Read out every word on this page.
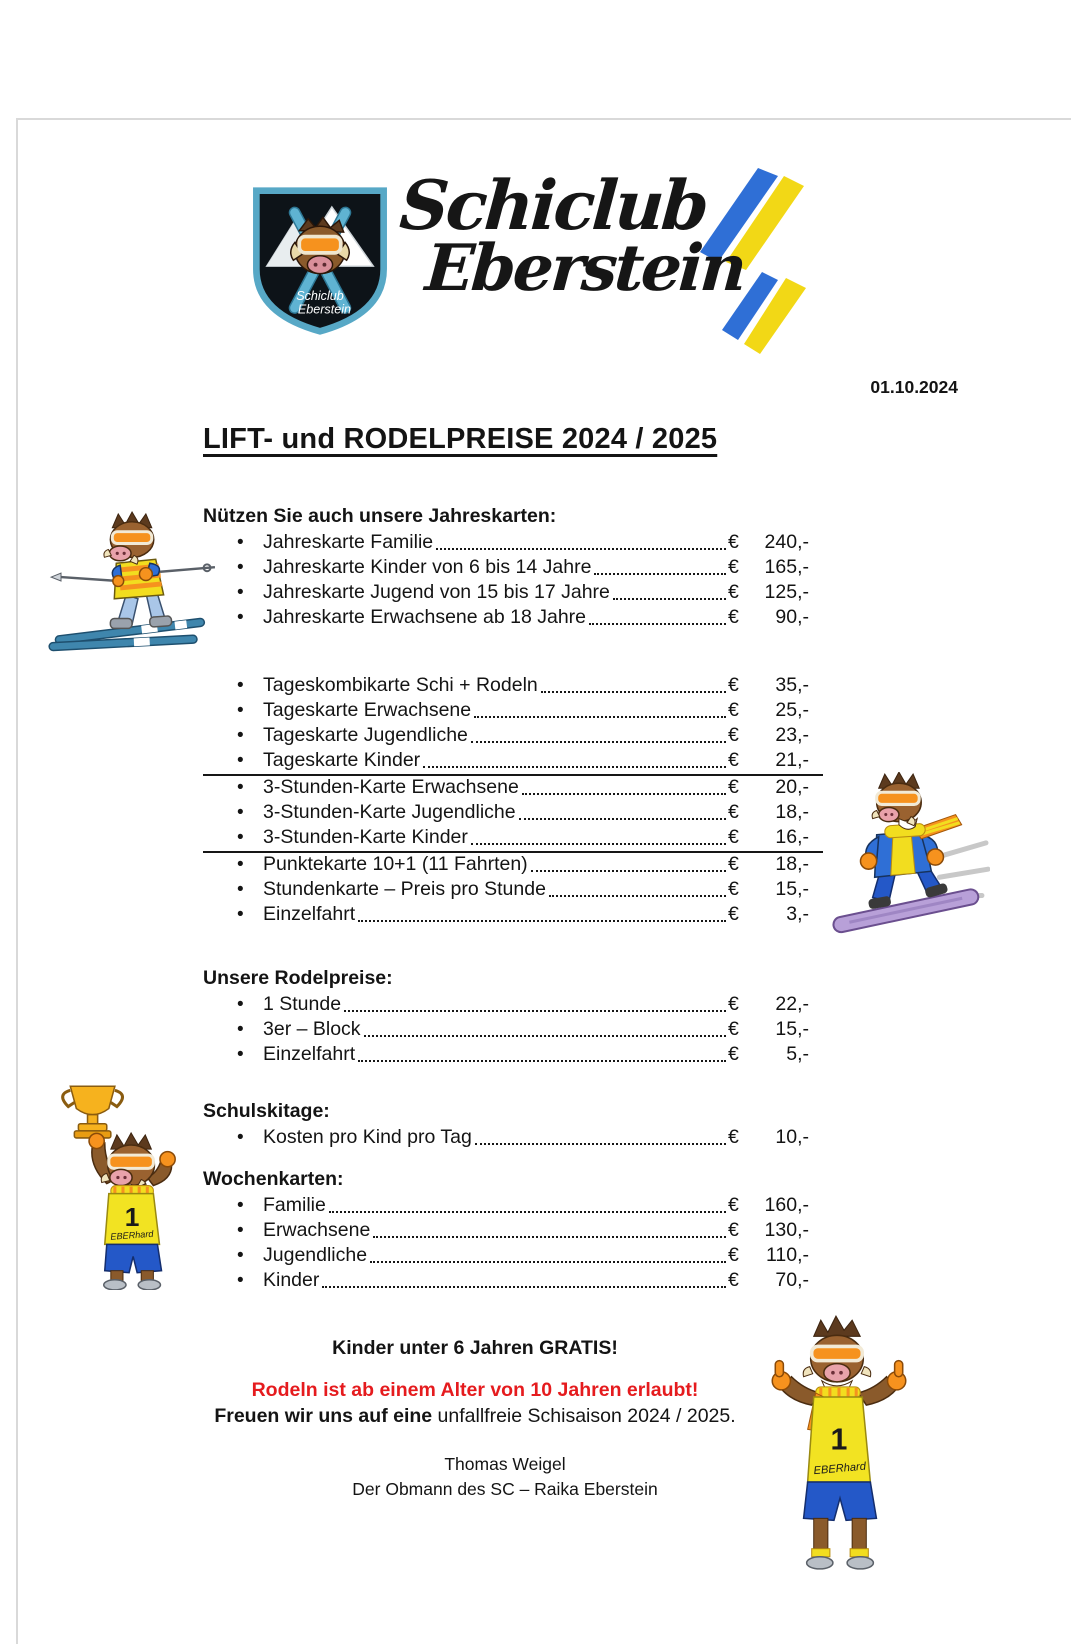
Schiclub
Eberstein
Schiclub
Eberstein
01.10.2024
LIFT- und RODELPREISE 2024 / 2025
Nützen Sie auch unsere Jahreskarten:
• Jahreskarte Familie	€	240,-
• Jahreskarte Kinder von 6 bis 14 Jahre	€	165,-
• Jahreskarte Jugend von 15 bis 17 Jahre	€	125,-
• Jahreskarte Erwachsene ab 18 Jahre	€	90,-
• Tageskombikarte Schi + Rodeln	€	35,-
• Tageskarte Erwachsene	€	25,-
• Tageskarte Jugendliche	€	23,-
• Tageskarte Kinder	€	21,-
• 3-Stunden-Karte Erwachsene	€	20,-
• 3-Stunden-Karte Jugendliche	€	18,-
• 3-Stunden-Karte Kinder	€	16,-
• Punktekarte 10+1 (11 Fahrten)	€	18,-
• Stundenkarte – Preis pro Stunde	€	15,-
• Einzelfahrt	€	3,-
Unsere Rodelpreise:
• 1 Stunde	€	22,-
• 3er – Block	€	15,-
• Einzelfahrt	€	5,-
Schulskitage:
• Kosten pro Kind pro Tag	€	10,-
Wochenkarten:
• Familie	€	160,-
• Erwachsene	€	130,-
• Jugendliche	€	110,-
• Kinder	€	70,-
Kinder unter 6 Jahren GRATIS!
Rodeln ist ab einem Alter von 10 Jahren erlaubt!
Freuen wir uns auf eine unfallfreie Schisaison 2024 / 2025.
Thomas Weigel
Der Obmann des SC – Raika Eberstein
1
EBERhard
1
EBERhard
